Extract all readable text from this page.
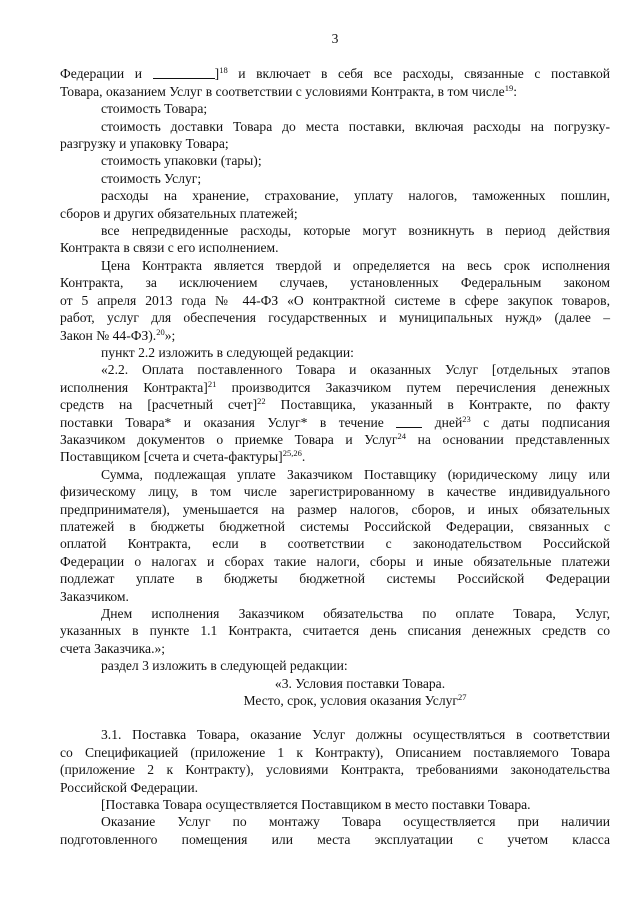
3

Федерации и	]$^{18}$ и включает в себя все расходы, связанные с поставкой

Товара, оказанием Услуг в соответствии с условиями Контракта, в том числе$^{19}$:

стоимость Товара;

стоимость доставки Товара до места поставки, включая расходы на погрузку-

разгрузку и упаковку Товара;

стоимость упаковки (тары);

стоимость Услуг;

расходы на хранение, страхование, уплату налогов, таможенных пошлин,

сборов и других обязательных платежей;

все непредвиденные расходы, которые могут возникнуть в период действия

Контракта в связи с его исполнением.

Цена Контракта является твердой и определяется на весь срок исполнения

Контракта, за исключением случаев, установленных Федеральным законом

от 5 апреля 2013 года № 44-ФЗ «О контрактной системе в сфере закупок товаров,

работ, услуг для обеспечения государственных и муниципальных нужд» (далее –

Закон № 44-ФЗ).$^{20}$»;

пункт 2.2 изложить в следующей редакции:

«2.2. Оплата поставленного Товара и оказанных Услуг [отдельных этапов

исполнения Контракта]$^{21}$ производится Заказчиком путем перечисления денежных

средств на [расчетный счет]$^{22}$ Поставщика, указанный в Контракте, по факту

поставки Товара* и оказания Услуг* в течение	дней$^{23}$ с даты подписания

Заказчиком документов о приемке Товара и Услуг$^{24}$ на основании представленных

Поставщиком [счета и счета-фактуры]$^{25,26}$.

Сумма, подлежащая уплате Заказчиком Поставщику (юридическому лицу или

физическому лицу, в том числе зарегистрированному в качестве индивидуального

предпринимателя), уменьшается на размер налогов, сборов, и иных обязательных

платежей в бюджеты бюджетной системы Российской Федерации, связанных с

оплатой Контракта, если в соответствии с законодательством Российской

Федерации о налогах и сборах такие налоги, сборы и иные обязательные платежи

подлежат уплате в бюджеты бюджетной системы Российской Федерации

Заказчиком.

Днем исполнения Заказчиком обязательства по оплате Товара, Услуг,

указанных в пункте 1.1 Контракта, считается день списания денежных средств со

счета Заказчика.»;

раздел 3 изложить в следующей редакции:

«3. Условия поставки Товара.

Место, срок, условия оказания Услуг$^{27}$

3.1. Поставка Товара, оказание Услуг должны осуществляться в соответствии

со Спецификацией (приложение 1 к Контракту), Описанием поставляемого Товара

(приложение 2 к Контракту), условиями Контракта, требованиями законодательства

Российской Федерации.

[Поставка Товара осуществляется Поставщиком в место поставки Товара.

Оказание Услуг по монтажу Товара осуществляется при наличии

подготовленного помещения или места эксплуатации с учетом класса
